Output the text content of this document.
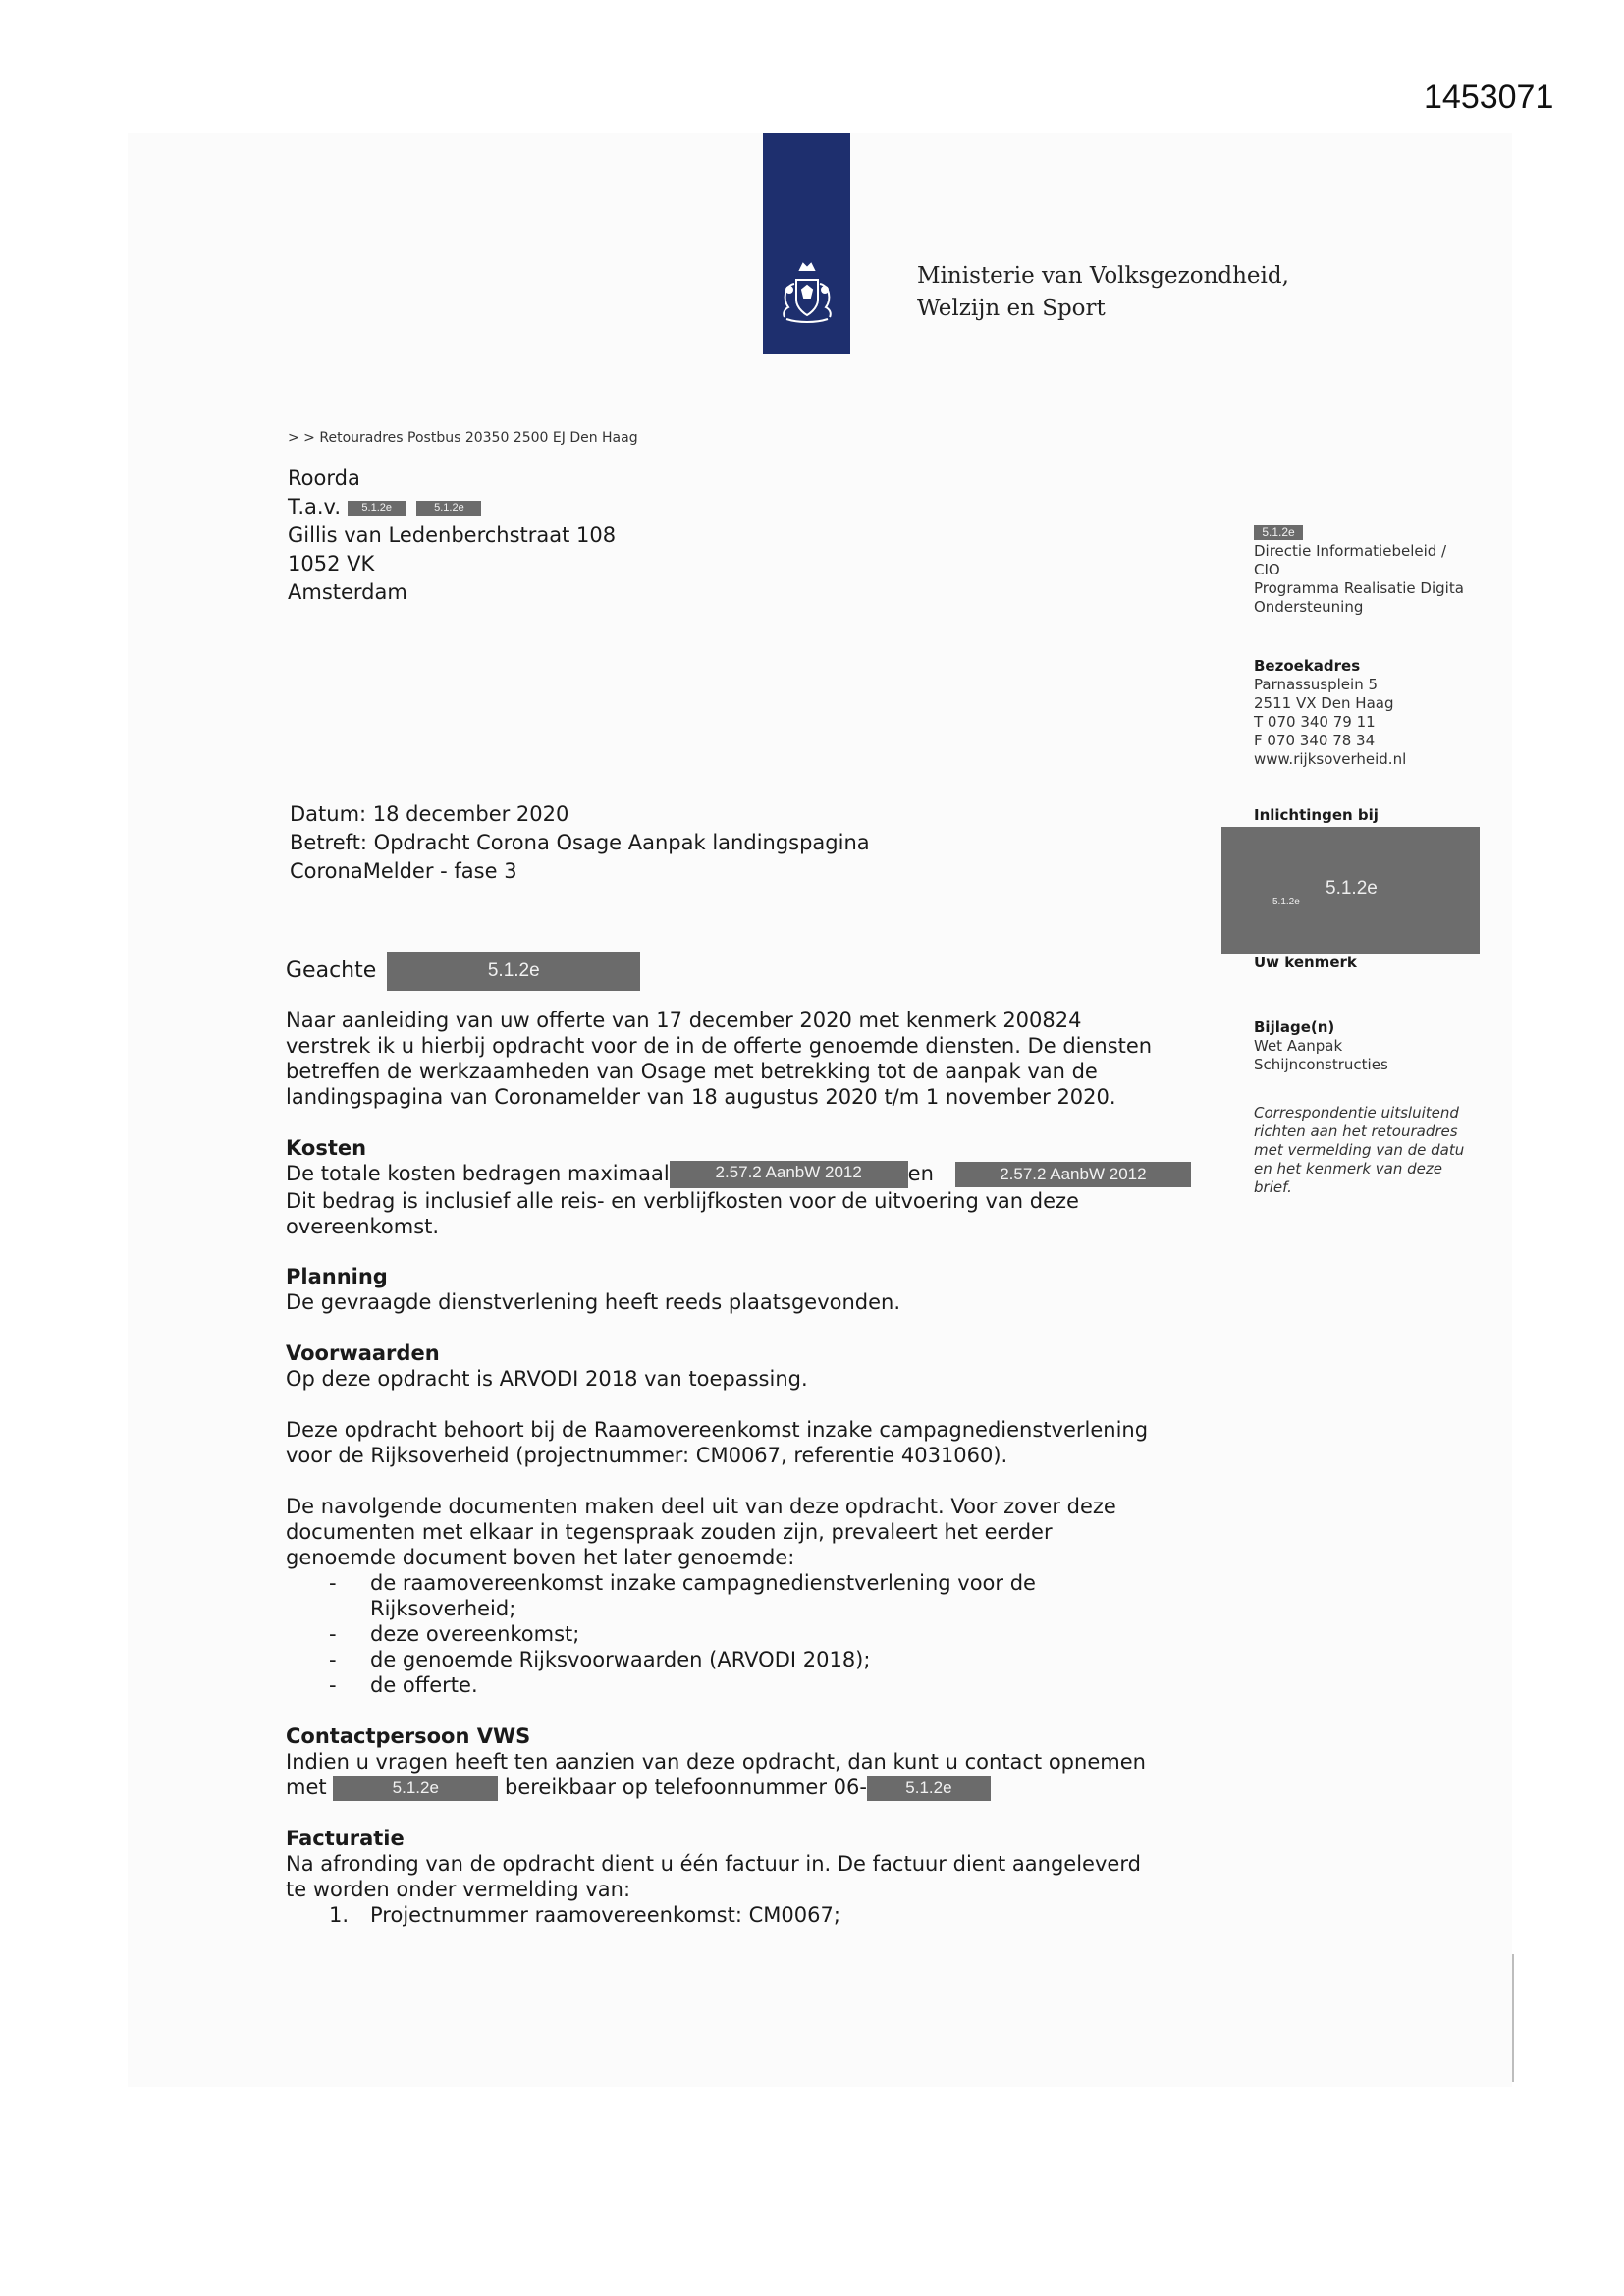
1453071
Ministerie van Volksgezondheid,
Welzijn en Sport
> > Retouradres Postbus 20350 2500 EJ Den Haag
Roorda
T.a.v. 5.1.2e	5.1.2e
Gillis van Ledenberchstraat 108
1052 VK
Amsterdam
5.1.2e
Directie Informatiebeleid /
CIO
Programma Realisatie Digita
Ondersteuning
Bezoekadres
Parnassusplein 5
2511 VX Den Haag
T 070 340 79 11
F 070 340 78 34
www.rijksoverheid.nl
Inlichtingen bij
5.1.2e
5.1.2e
Uw kenmerk
Bijlage(n)
Wet Aanpak
Schijnconstructies
Correspondentie uitsluitend
richten aan het retouradres
met vermelding van de datu
en het kenmerk van deze
brief.
Datum: 18 december 2020
Betreft: Opdracht Corona Osage Aanpak landingspagina
CoronaMelder - fase 3
Geachte	5.1.2e
Naar aanleiding van uw offerte van 17 december 2020 met kenmerk 200824
verstrek ik u hierbij opdracht voor de in de offerte genoemde diensten. De diensten
betreffen de werkzaamheden van Osage met betrekking tot de aanpak van de
landingspagina van Coronamelder van 18 augustus 2020 t/m 1 november 2020.
Kosten
De totale kosten bedragen maximaal	2.57.2 AanbW 2012 en	2.57.2 AanbW 2012
Dit bedrag is inclusief alle reis- en verblijfkosten voor de uitvoering van deze
overeenkomst.
Planning
De gevraagde dienstverlening heeft reeds plaatsgevonden.
Voorwaarden
Op deze opdracht is ARVODI 2018 van toepassing.
Deze opdracht behoort bij de Raamovereenkomst inzake campagnedienstverlening
voor de Rijksoverheid (projectnummer: CM0067, referentie 4031060).
De navolgende documenten maken deel uit van deze opdracht. Voor zover deze
documenten met elkaar in tegenspraak zouden zijn, prevaleert het eerder
genoemde document boven het later genoemde:
- de raamovereenkomst inzake campagnedienstverlening voor de
Rijksoverheid;
- deze overeenkomst;
- de genoemde Rijksvoorwaarden (ARVODI 2018);
- de offerte.
Contactpersoon VWS
Indien u vragen heeft ten aanzien van deze opdracht, dan kunt u contact opnemen
met	5.1.2e	bereikbaar op telefoonnummer 06- 5.1.2e
Facturatie
Na afronding van de opdracht dient u één factuur in. De factuur dient aangeleverd
te worden onder vermelding van:
1. Projectnummer raamovereenkomst: CM0067;
